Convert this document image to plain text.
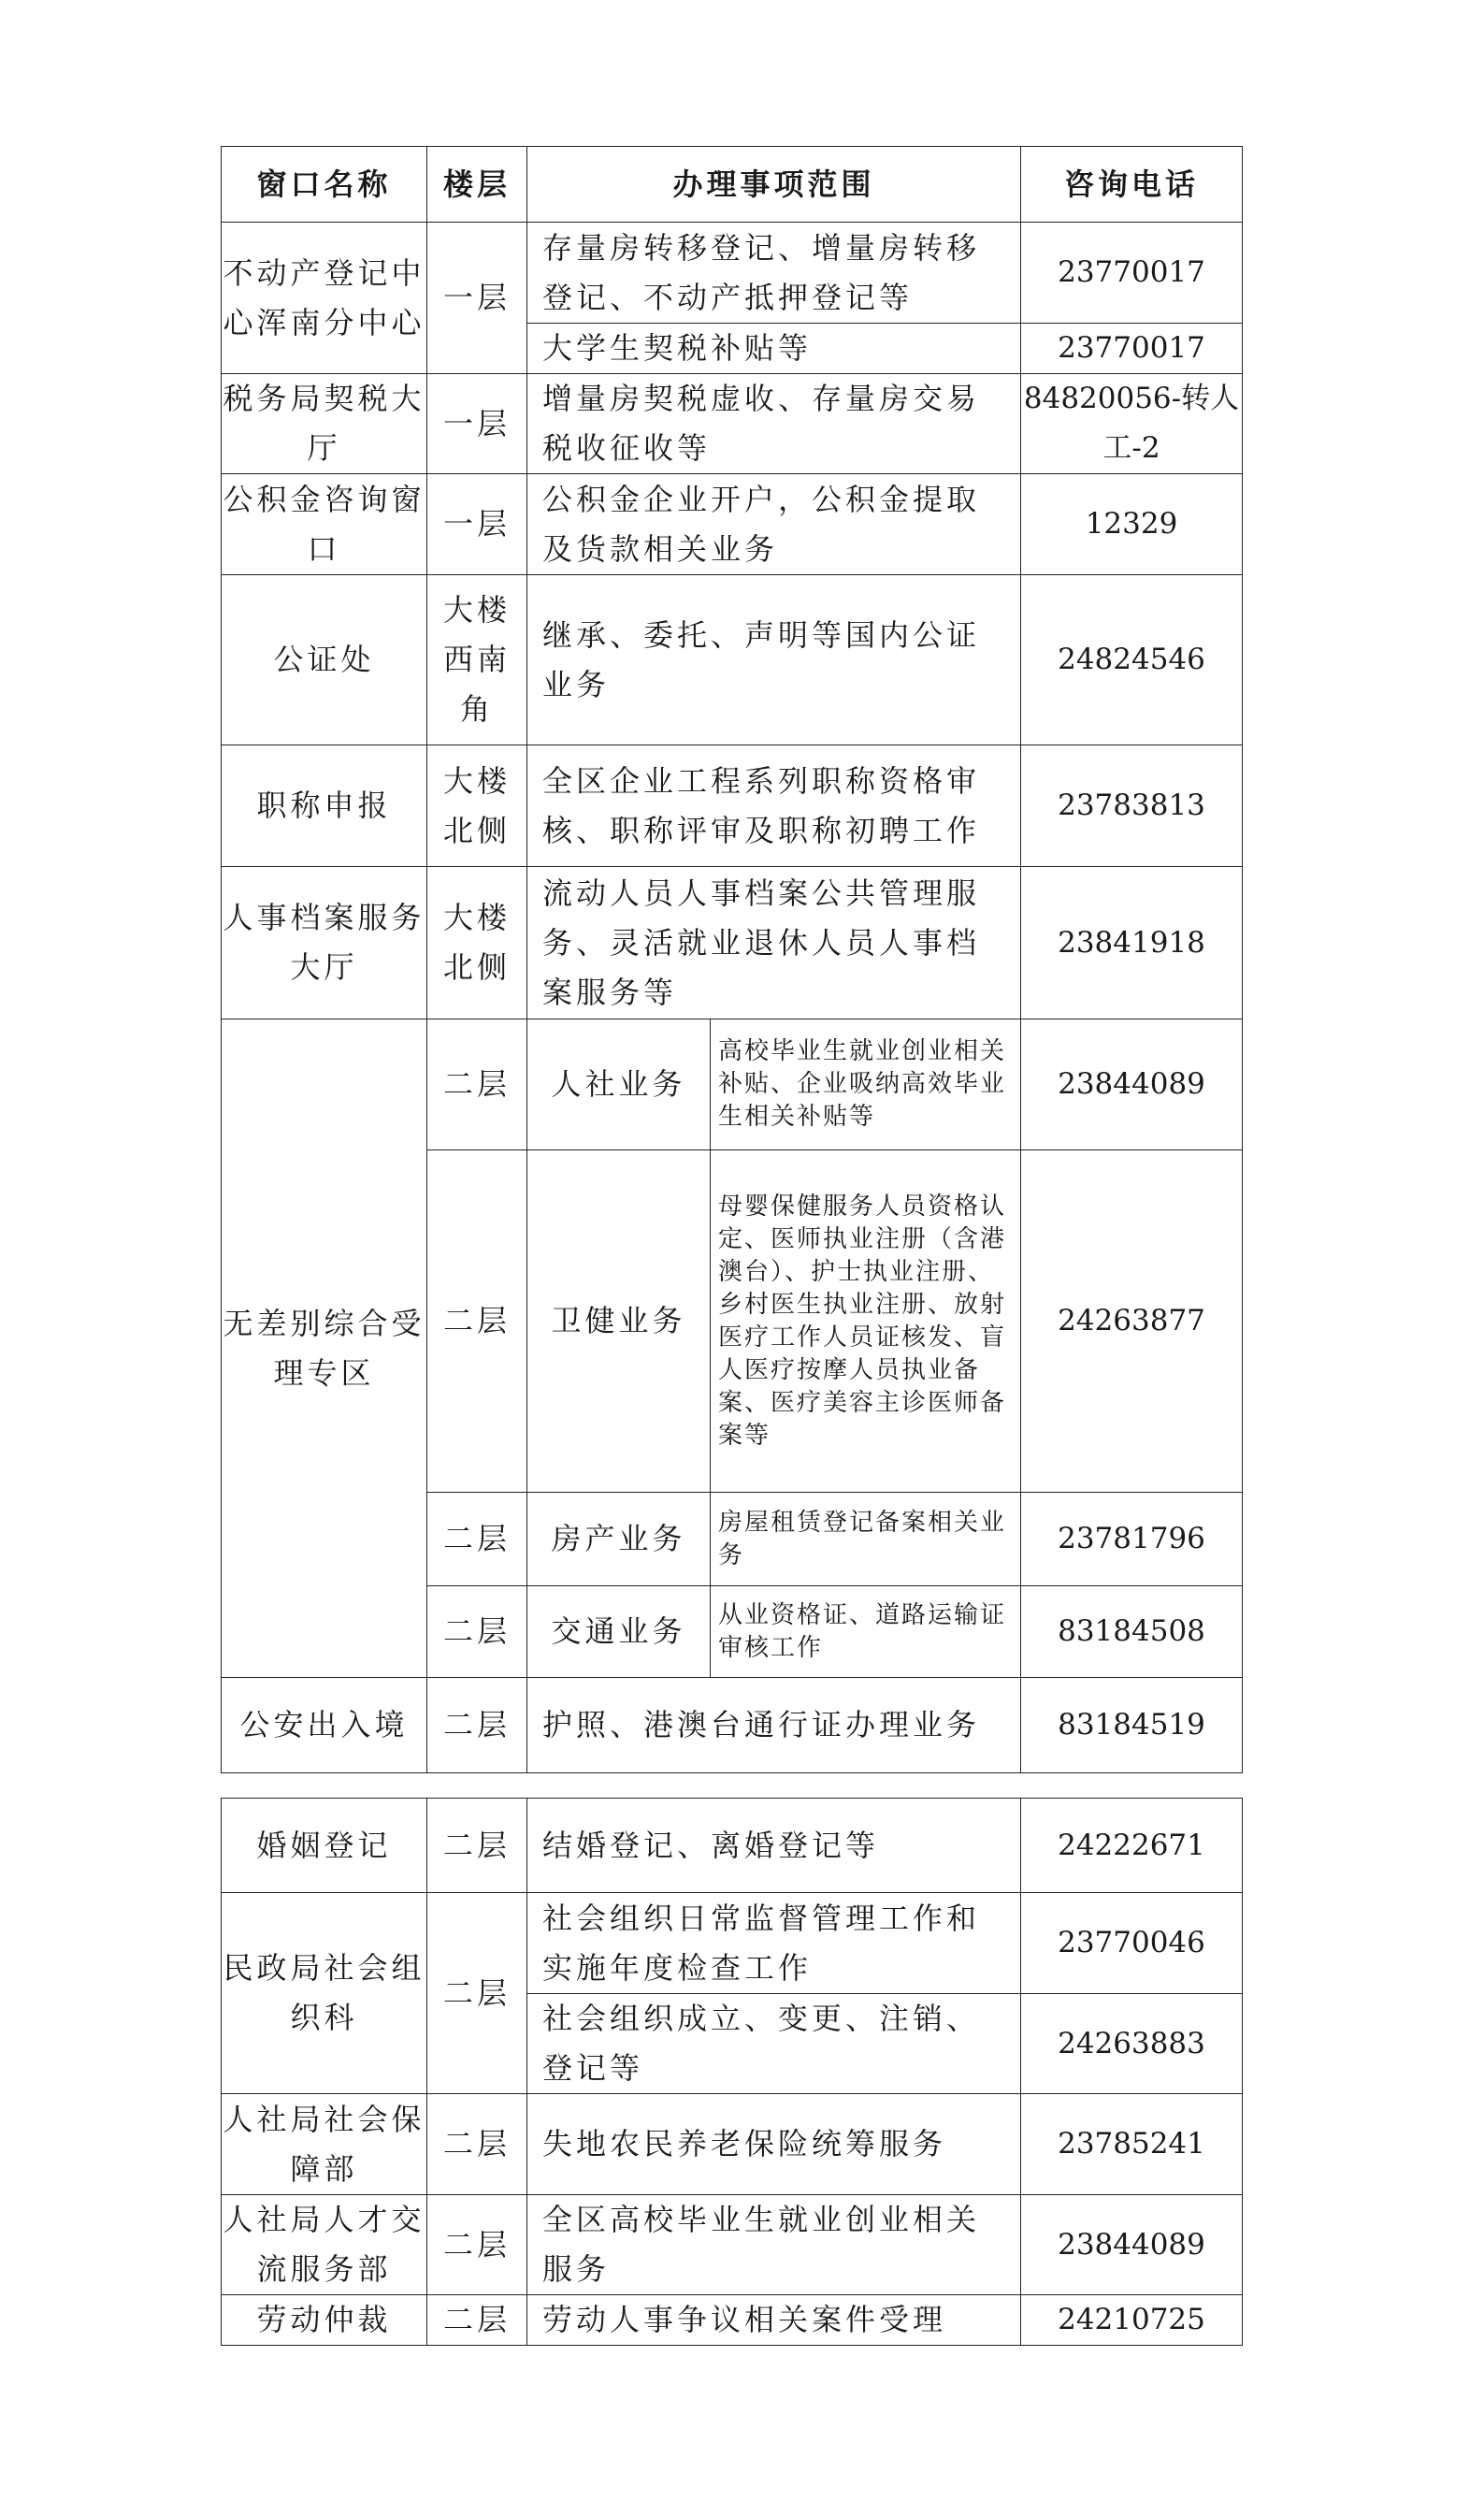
窗口名称	楼层	办理事项范围		咨询电话
不动产登记中心浑南分中心	一层	存量房转移登记、增量房转移登记、不动产抵押登记等		23770017
		大学生契税补贴等		23770017
税务局契税大厅	一层	增量房契税虚收、存量房交易税收征收等		84820056-转人工-2
公积金咨询窗口	一层	公积金企业开户，公积金提取及货款相关业务		12329
公证处	大楼西南角	继承、委托、声明等国内公证业务		24824546
职称申报	大楼北侧	全区企业工程系列职称资格审核、职称评审及职称初聘工作		23783813
人事档案服务大厅	大楼北侧	流动人员人事档案公共管理服务、灵活就业退休人员人事档案服务等		23841918
无差别综合受理专区	二层	人社业务	高校毕业生就业创业相关补贴、企业吸纳高效毕业生相关补贴等	23844089
	二层	卫健业务	母婴保健服务人员资格认定、医师执业注册（含港澳台）、护士执业注册、乡村医生执业注册、放射医疗工作人员证核发、盲人医疗按摩人员执业备案、医疗美容主诊医师备案等	24263877
	二层	房产业务	房屋租赁登记备案相关业务	23781796
	二层	交通业务	从业资格证、道路运输证审核工作	83184508
公安出入境	二层	护照、港澳台通行证办理业务		83184519
婚姻登记	二层	结婚登记、离婚登记等	24222671
民政局社会组织科	二层	社会组织日常监督管理工作和实施年度检查工作	23770046
		社会组织成立、变更、注销、登记等	24263883
人社局社会保障部	二层	失地农民养老保险统筹服务	23785241
人社局人才交流服务部	二层	全区高校毕业生就业创业相关服务	23844089
劳动仲裁	二层	劳动人事争议相关案件受理	24210725
